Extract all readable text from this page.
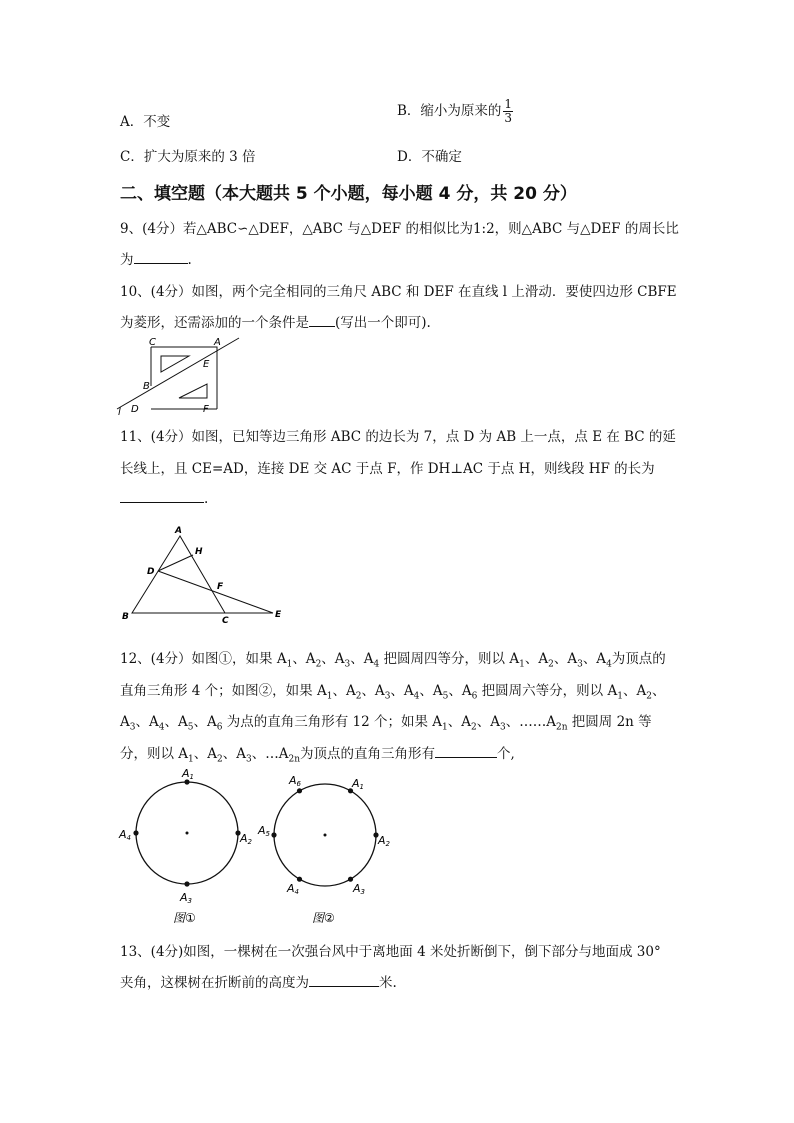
A．不变
B．缩小为原来的 $\frac{1}{3}$
C．扩大为原来的 3 倍	D．不确定
二、填空题（本大题共 5 个小题，每小题 4 分，共 20 分）
9、(4分）若△ABC∽△DEF，△ABC 与△DEF 的相似比为1:2，则△ABC 与△DEF 的周长比
为	.
10、(4分）如图，两个完全相同的三角尺 ABC 和 DEF 在直线 l 上滑动．要使四边形 CBFE
为菱形，还需添加的一个条件是 (写出一个即可).
C	A
E
B
l D	F
11、(4分）如图，已知等边三角形 ABC 的边长为 7，点 D 为 AB 上一点，点 E 在 BC 的延
长线上，且 CE=AD，连接 DE 交 AC 于点 F，作 DH⊥AC 于点 H，则线段 HF 的长为
.
A
H
D
F
B	C
E
12、(4分）如图①，如果 $A_1$、$A_2$、$A_3$、$A_4$ 把圆周四等分，则以 $A_1$、$A_2$、$A_3$、$A_4$为顶点的
直角三角形 4 个；如图②，如果 $A_1$、$A_2$、$A_3$、$A_4$、$A_5$、$A_6$ 把圆周六等分，则以 $A_1$、$A_2$、
$A_3$、$A_4$、$A_5$、$A_6$ 为点的直角三角形有 12 个；如果 $A_1$、$A_2$、$A_3$、$\dots\dots A_{2n}$ 把圆周 2n 等
分，则以 $A_1$、$A_2$、$A_3$、$\dots A_{2n}$为顶点的直角三角形有	个,
A1
A2
A3
A4
图①
A1
A2
A3
A4
A5
A6
图②
13、(4分)如图，一棵树在一次强台风中于离地面 4 米处折断倒下，倒下部分与地面成 30°
夹角，这棵树在折断前的高度为	米.
